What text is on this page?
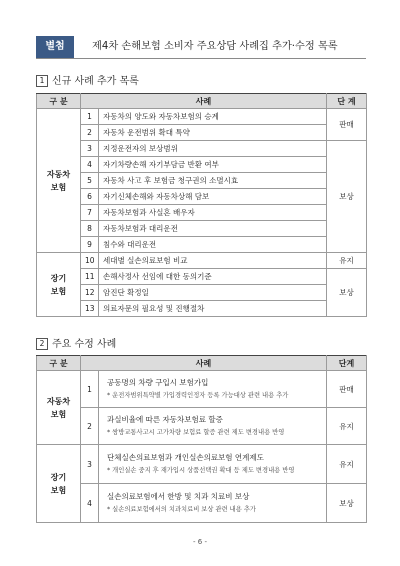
별첨	제4차 손해보험 소비자 주요상담 사례집 추가·수정 목록
1 신규 사례 추가 목록
구 분	사례		단 계
자동차
보험	1	자동차의 양도와 자동차보험의 승계	판매
	2	자동차 운전범위 확대 특약	
	3	지정운전자의 보상범위	보상
	4	자기차량손해 자기부담금 반환 여부	
	5	자동차 사고 후 보험금 청구권의 소멸시효	
	6	자기신체손해와 자동차상해 담보	
	7	자동차보험과 사실혼 배우자	
	8	자동차보험과 대리운전	
	9	침수와 대리운전	
장기
보험	10	세대별 실손의료보험 비교	유지
	11	손해사정사 선임에 대한 동의기준	보상
	12	암진단 확정일	
	13	의료자문의 필요성 및 진행절차	
2 주요 수정 사례
구 분	사례		단계
자동차
보험	1	공동명의 차량 구입시 보험가입
* 운전자범위특약별 가입경력인정자 등록 가능대상 관련 내용 추가	판매
	2	과실비율에 따른 자동차보험료 할증
* 쌍방교통사고시 고가차량 보험료 할증 관련 제도 변경내용 반영	유지
장기
보험	3	단체실손의료보험과 개인실손의료보험 연계제도
* 개인실손 중지 후 재가입시 상품선택권 확대 등 제도 변경내용 반영	유지
	4	실손의료보험에서 한방 및 치과 치료비 보상
* 실손의료보험에서의 치과치료비 보상 관련 내용 추가	보상
- 6 -
